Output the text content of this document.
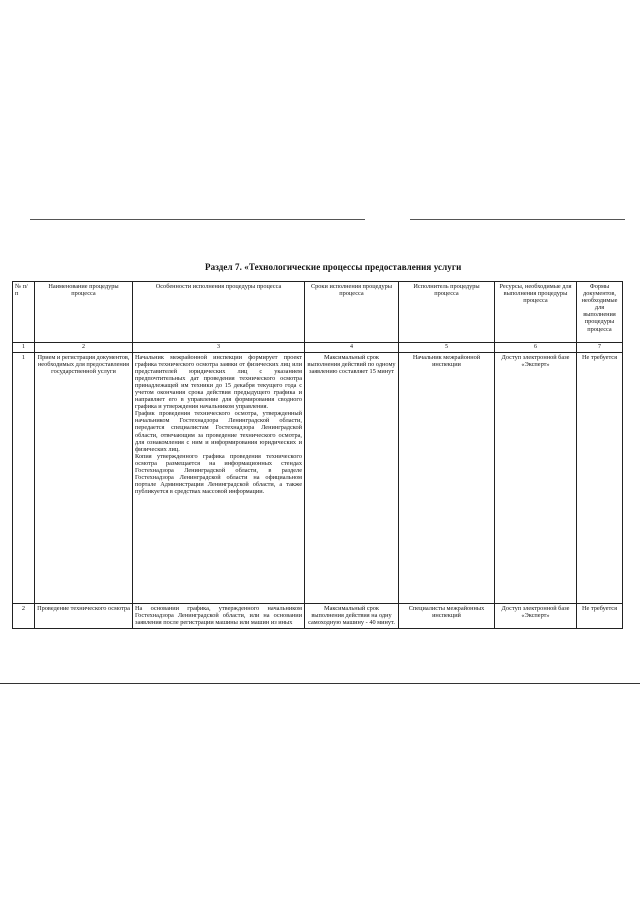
Раздел 7. «Технологические процессы предоставления услуги
№ п/ п	Наименование процедуры процесса	Особенности исполнения процедуры процесса	Сроки исполнения процедуры процесса	Исполнитель процедуры процесса	Ресурсы, необходимые для выполнения процедуры процесса	Формы документов, необходимые для выполнения процедуры процесса
1	2	3	4	5	6	7
1	Прием и регистрация документов, необходимых для предоставления государственной услуги	Начальник межрайонной инспекции формирует проект графика технического осмотра заявки от физических лиц или представителей юридических лиц с указанием предпочтительных дат проведения технического осмотра принадлежащей им техники до 15 декабря текущего года с учетом окончания срока действия предыдущего графика и направляет его в управление для формирования сводного графика и утверждения начальником управления.
График проведения технического осмотра, утвержденный начальником Гостехнадзора Ленинградской области, передается специалистам Гостехнадзора Ленинградской области, отвечающим за проведение технического осмотра, для ознакомления с ним и информирования юридических и физических лиц.
Копия утвержденного графика проведения технического осмотра размещается на информационных стендах Гостехнадзора Ленинградской области, в разделе Гостехнадзора Ленинградской области на официальном портале Администрации Ленинградской области, а также публикуется в средствах массовой информации.	Максимальный срок выполнения действий по одному заявлению составляет 15 минут	Начальник межрайонной инспекции	Доступ электронной базе «Эксперт»	Не требуется
2	Проведение технического осмотра	На основании графика, утвержденного начальником Гостехнадзора Ленинградской области, или на основании заявления после регистрации машины или машин из иных	Максимальный срок выполнения действия на одну самоходную машину - 40 минут.	Специалисты межрайонных инспекций	Доступ электронной базе «Эксперт»	Не требуется
